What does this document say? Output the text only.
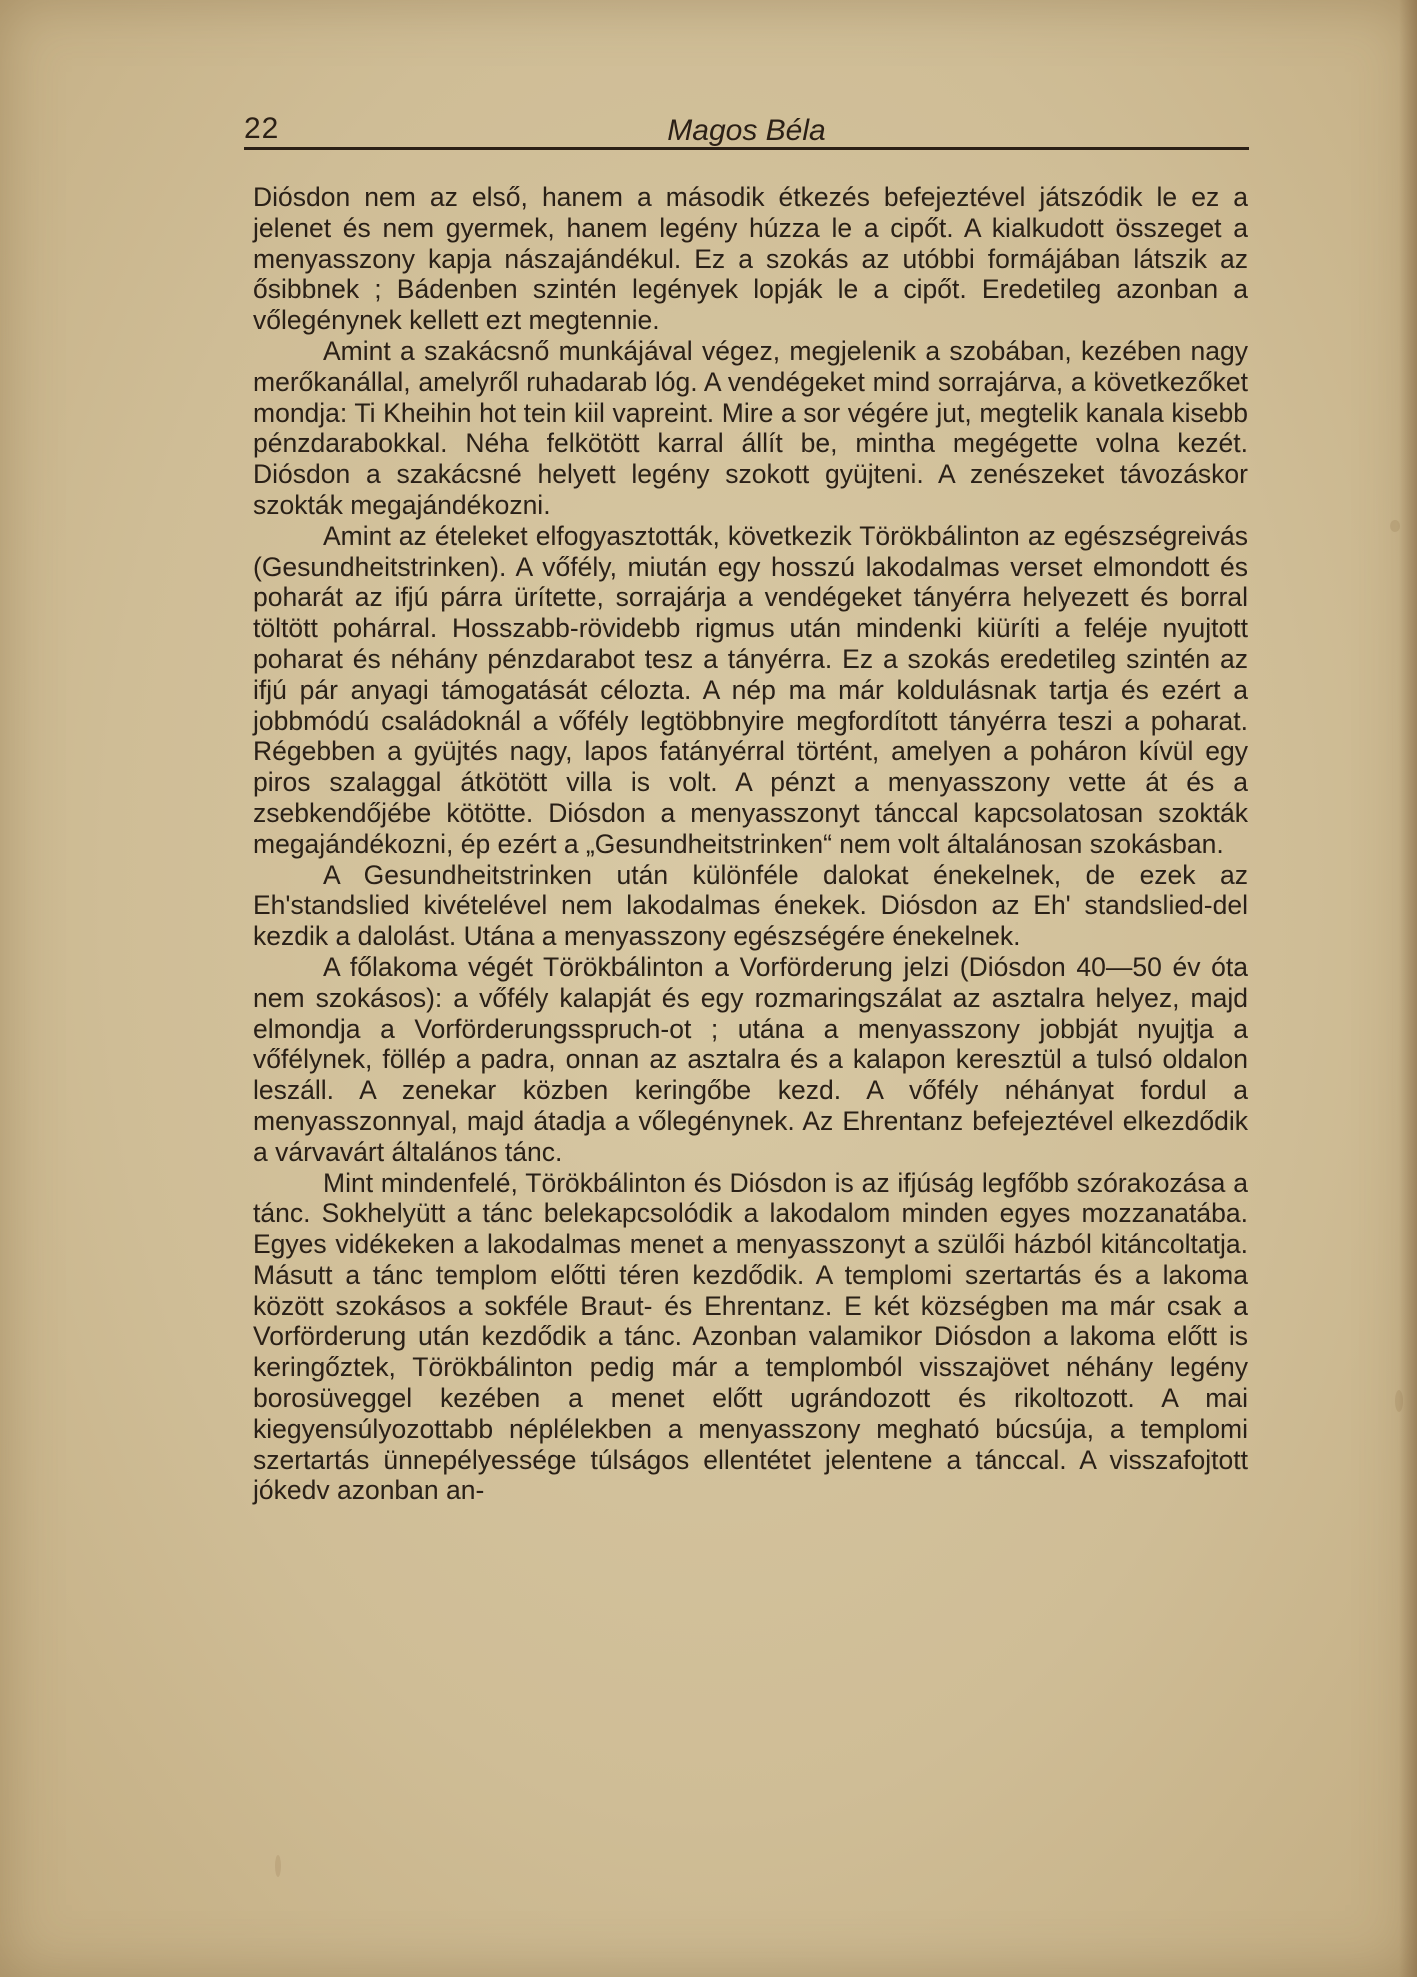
22	Magos Béla

Diósdon nem az első, hanem a második étkezés befejeztével játszódik le ez a jelenet és nem gyermek, hanem legény húzza le a cipőt. A kialkudott összeget a menyasszony kapja nászajándékul. Ez a szokás az utóbbi formájában látszik az ősibbnek ; Bádenben szintén legények lopják le a cipőt. Eredetileg azonban a vőlegénynek kellett ezt megtennie.

Amint a szakácsnő munkájával végez, megjelenik a szobában, kezében nagy merőkanállal, amelyről ruhadarab lóg. A vendégeket mind sorrajárva, a következőket mondja: Ti Kheihin hot tein kiil vapreint. Mire a sor végére jut, megtelik kanala kisebb pénzdarabokkal. Néha felkötött karral állít be, mintha megégette volna kezét. Diósdon a szakácsné helyett legény szokott gyüjteni. A zenészeket távozáskor szokták megajándékozni.

Amint az ételeket elfogyasztották, következik Törökbálinton az egészségreivás (Gesundheitstrinken). A vőfély, miután egy hosszú lakodalmas verset elmondott és poharát az ifjú párra ürítette, sorrajárja a vendégeket tányérra helyezett és borral töltött pohárral. Hosszabb-rövidebb rigmus után mindenki kiüríti a feléje nyujtott poharat és néhány pénzdarabot tesz a tányérra. Ez a szokás eredetileg szintén az ifjú pár anyagi támogatását célozta. A nép ma már koldulásnak tartja és ezért a jobbmódú családoknál a vőfély legtöbbnyire megfordított tányérra teszi a poharat. Régebben a gyüjtés nagy, lapos fatányérral történt, amelyen a poháron kívül egy piros szalaggal átkötött villa is volt. A pénzt a menyasszony vette át és a zsebkendőjébe kötötte. Diósdon a menyasszonyt tánccal kapcsolatosan szokták megajándékozni, ép ezért a „Gesundheitstrinken“ nem volt általánosan szokásban.

A Gesundheitstrinken után különféle dalokat énekelnek, de ezek az Eh'standslied kivételével nem lakodalmas énekek. Diósdon az Eh' standslied-del kezdik a dalolást. Utána a menyasszony egészségére énekelnek.

A főlakoma végét Törökbálinton a Vorförderung jelzi (Diósdon 40—50 év óta nem szokásos): a vőfély kalapját és egy rozmaringszálat az asztalra helyez, majd elmondja a Vorförderungsspruch-ot ; utána a menyasszony jobbját nyujtja a vőfélynek, föllép a padra, onnan az asztalra és a kalapon keresztül a tulsó oldalon leszáll. A zenekar közben keringőbe kezd. A vőfély néhányat fordul a menyasszonnyal, majd átadja a vőlegénynek. Az Ehrentanz befejeztével elkezdődik a várvavárt általános tánc.

Mint mindenfelé, Törökbálinton és Diósdon is az ifjúság legfőbb szórakozása a tánc. Sokhelyütt a tánc belekapcsolódik a lakodalom minden egyes mozzanatába. Egyes vidékeken a lakodalmas menet a menyasszonyt a szülői házból kitáncoltatja. Másutt a tánc templom előtti téren kezdődik. A templomi szertartás és a lakoma között szokásos a sokféle Braut- és Ehrentanz. E két községben ma már csak a Vorförderung után kezdődik a tánc. Azonban valamikor Diósdon a lakoma előtt is keringőztek, Törökbálinton pedig már a templomból visszajövet néhány legény borosüveggel kezében a menet előtt ugrándozott és rikoltozott. A mai kiegyensúlyozottabb néplélekben a menyasszony megható búcsúja, a templomi szertartás ünnepélyessége túlságos ellentétet jelentene a tánccal. A visszafojtott jókedv azonban an-
